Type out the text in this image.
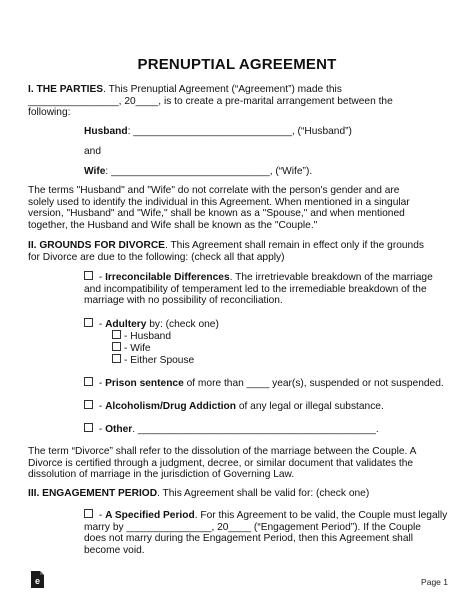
PRENUPTIAL AGREEMENT
I. THE PARTIES. This Prenuptial Agreement (“Agreement”) made this
________________, 20____, is to create a pre-marital arrangement between the
following:
Husband: ____________________________, (“Husband”)
and
Wife: ____________________________, (“Wife”).
The terms "Husband" and "Wife" do not correlate with the person's gender and are
solely used to identify the individual in this Agreement. When mentioned in a singular
version, "Husband" and "Wife," shall be known as a "Spouse," and when mentioned
together, the Husband and Wife shall be known as the "Couple."
II. GROUNDS FOR DIVORCE. This Agreement shall remain in effect only if the grounds
for Divorce are due to the following: (check all that apply)
- Irreconcilable Differences. The irretrievable breakdown of the marriage
and incompatibility of temperament led to the irremediable breakdown of the
marriage with no possibility of reconciliation.
- Adultery by: (check one)
- Husband
- Wife
- Either Spouse
- Prison sentence of more than ____ year(s), suspended or not suspended.
- Alcoholism/Drug Addiction of any legal or illegal substance.
- Other. __________________________________________.
The term “Divorce” shall refer to the dissolution of the marriage between the Couple. A
Divorce is certified through a judgment, decree, or similar document that validates the
dissolution of marriage in the jurisdiction of Governing Law.
III. ENGAGEMENT PERIOD. This Agreement shall be valid for: (check one)
- A Specified Period. For this Agreement to be valid, the Couple must legally
marry by _______________, 20____ (“Engagement Period”). If the Couple
does not marry during the Engagement Period, then this Agreement shall
become void.
e	Page 1
